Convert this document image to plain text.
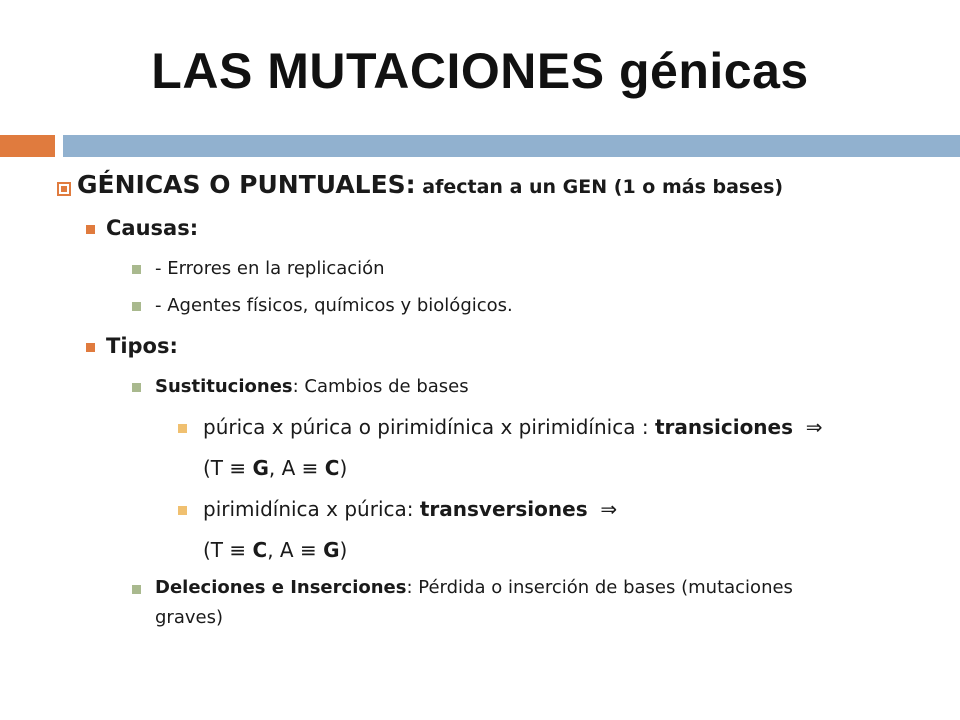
LAS MUTACIONES génicas
GÉNICAS O PUNTUALES: afectan a un GEN (1 o más bases)
Causas:
- Errores en la replicación
- Agentes físicos, químicos y biológicos.
Tipos:
Sustituciones: Cambios de bases
púrica x púrica o pirimidínica x pirimidínica : transiciones ⇒
(T ≡ G, A ≡ C)
pirimidínica x púrica: transversiones ⇒
(T ≡ C, A ≡ G)
Deleciones e Inserciones: Pérdida o inserción de bases (mutaciones
graves)
